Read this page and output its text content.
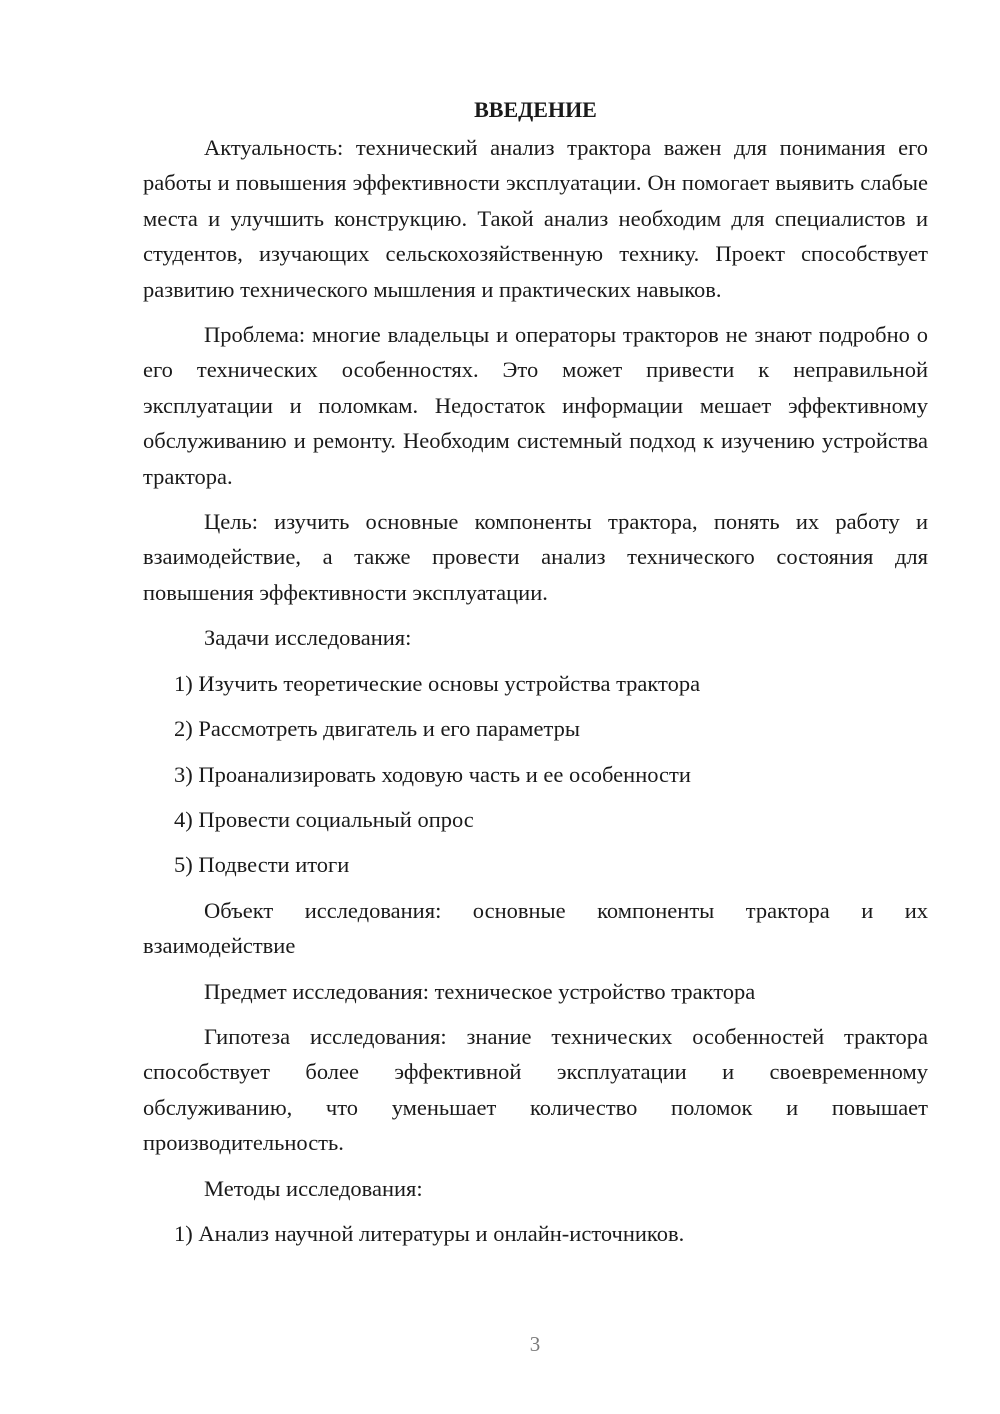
ВВЕДЕНИЕ

Актуальность: технический анализ трактора важен для понимания его работы и повышения эффективности эксплуатации. Он помогает выявить слабые места и улучшить конструкцию. Такой анализ необходим для специалистов и студентов, изучающих сельскохозяйственную технику. Проект способствует развитию технического мышления и практических навыков.

Проблема: многие владельцы и операторы тракторов не знают подробно о его технических особенностях. Это может привести к неправильной эксплуатации и поломкам. Недостаток информации мешает эффективному обслуживанию и ремонту. Необходим системный подход к изучению устройства трактора.

Цель: изучить основные компоненты трактора, понять их работу и взаимодействие, а также провести анализ технического состояния для повышения эффективности эксплуатации.

Задачи исследования:

1) Изучить теоретические основы устройства трактора

2) Рассмотреть двигатель и его параметры

3) Проанализировать ходовую часть и ее особенности

4) Провести социальный опрос

5) Подвести итоги

Объект исследования: основные компоненты трактора и их взаимодействие

Предмет исследования: техническое устройство трактора

Гипотеза исследования: знание технических особенностей трактора способствует более эффективной эксплуатации и своевременному обслуживанию, что уменьшает количество поломок и повышает производительность.

Методы исследования:

1) Анализ научной литературы и онлайн-источников.

3
